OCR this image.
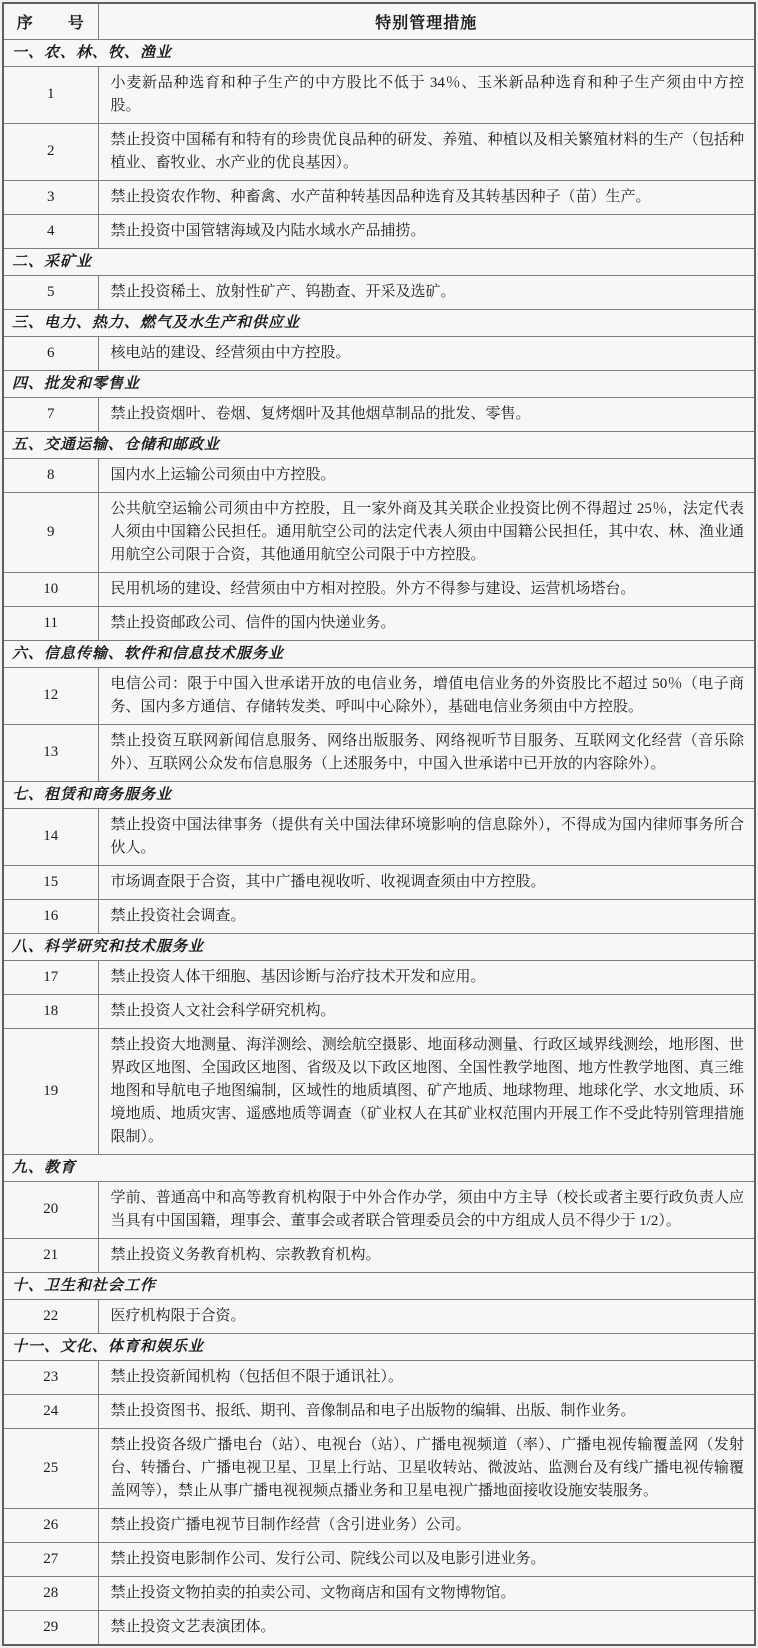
序　　号	特别管理措施
一、农、林、牧、渔业	
1	小麦新品种选育和种子生产的中方股比不低于 34％、玉米新品种选育和种子生产须由中方控股。
2	禁止投资中国稀有和特有的珍贵优良品种的研发、养殖、种植以及相关繁殖材料的生产（包括种植业、畜牧业、水产业的优良基因）。
3	禁止投资农作物、种畜禽、水产苗种转基因品种选育及其转基因种子（苗）生产。
4	禁止投资中国管辖海域及内陆水域水产品捕捞。
二、采矿业	
5	禁止投资稀土、放射性矿产、钨勘查、开采及选矿。
三、电力、热力、燃气及水生产和供应业	
6	核电站的建设、经营须由中方控股。
四、批发和零售业	
7	禁止投资烟叶、卷烟、复烤烟叶及其他烟草制品的批发、零售。
五、交通运输、仓储和邮政业	
8	国内水上运输公司须由中方控股。
9	公共航空运输公司须由中方控股，且一家外商及其关联企业投资比例不得超过 25％，法定代表人须由中国籍公民担任。通用航空公司的法定代表人须由中国籍公民担任，其中农、林、渔业通用航空公司限于合资，其他通用航空公司限于中方控股。
10	民用机场的建设、经营须由中方相对控股。外方不得参与建设、运营机场塔台。
11	禁止投资邮政公司、信件的国内快递业务。
六、信息传输、软件和信息技术服务业	
12	电信公司：限于中国入世承诺开放的电信业务，增值电信业务的外资股比不超过 50％（电子商务、国内多方通信、存储转发类、呼叫中心除外），基础电信业务须由中方控股。
13	禁止投资互联网新闻信息服务、网络出版服务、网络视听节目服务、互联网文化经营（音乐除外）、互联网公众发布信息服务（上述服务中，中国入世承诺中已开放的内容除外）。
七、租赁和商务服务业	
14	禁止投资中国法律事务（提供有关中国法律环境影响的信息除外），不得成为国内律师事务所合伙人。
15	市场调查限于合资，其中广播电视收听、收视调查须由中方控股。
16	禁止投资社会调查。
八、科学研究和技术服务业	
17	禁止投资人体干细胞、基因诊断与治疗技术开发和应用。
18	禁止投资人文社会科学研究机构。
19	禁止投资大地测量、海洋测绘、测绘航空摄影、地面移动测量、行政区域界线测绘，地形图、世界政区地图、全国政区地图、省级及以下政区地图、全国性教学地图、地方性教学地图、真三维地图和导航电子地图编制，区域性的地质填图、矿产地质、地球物理、地球化学、水文地质、环境地质、地质灾害、遥感地质等调查（矿业权人在其矿业权范围内开展工作不受此特别管理措施限制）。
九、教育	
20	学前、普通高中和高等教育机构限于中外合作办学，须由中方主导（校长或者主要行政负责人应当具有中国国籍，理事会、董事会或者联合管理委员会的中方组成人员不得少于 1/2）。
21	禁止投资义务教育机构、宗教教育机构。
十、卫生和社会工作	
22	医疗机构限于合资。
十一、文化、体育和娱乐业	
23	禁止投资新闻机构（包括但不限于通讯社）。
24	禁止投资图书、报纸、期刊、音像制品和电子出版物的编辑、出版、制作业务。
25	禁止投资各级广播电台（站）、电视台（站）、广播电视频道（率）、广播电视传输覆盖网（发射台、转播台、广播电视卫星、卫星上行站、卫星收转站、微波站、监测台及有线广播电视传输覆盖网等），禁止从事广播电视视频点播业务和卫星电视广播地面接收设施安装服务。
26	禁止投资广播电视节目制作经营（含引进业务）公司。
27	禁止投资电影制作公司、发行公司、院线公司以及电影引进业务。
28	禁止投资文物拍卖的拍卖公司、文物商店和国有文物博物馆。
29	禁止投资文艺表演团体。
